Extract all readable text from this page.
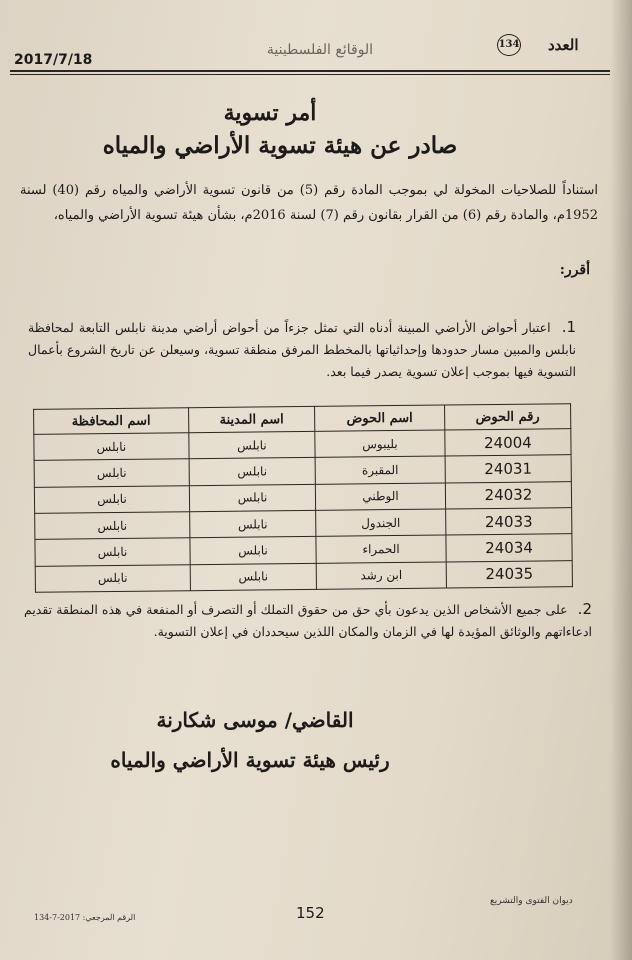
العدد
134
الوقائع الفلسطينية
2017/7/18
أمر تسوية
صادر عن هيئة تسوية الأراضي والمياه
استناداً للصلاحيات المخولة لي بموجب المادة رقم (5) من قانون تسوية الأراضي والمياه رقم (40) لسنة 1952م، والمادة رقم (6) من القرار بقانون رقم (7) لسنة 2016م، بشأن هيئة تسوية الأراضي والمياه،
أقرر:
1. اعتبار أحواض الأراضي المبينة أدناه التي تمثل جزءاً من أحواض أراضي مدينة نابلس التابعة لمحافظة نابلس والمبين مسار حدودها وإحداثياتها بالمخطط المرفق منطقة تسوية، وسيعلن عن تاريخ الشروع بأعمال التسوية فيها بموجب إعلان تسوية يصدر فيما بعد.
رقم الحوض	اسم الحوض	اسم المدينة	اسم المحافظة
24004	بليبوس	نابلس	نابلس
24031	المقبرة	نابلس	نابلس
24032	الوطني	نابلس	نابلس
24033	الجندول	نابلس	نابلس
24034	الحمراء	نابلس	نابلس
24035	ابن رشد	نابلس	نابلس
2. على جميع الأشخاص الذين يدعون بأي حق من حقوق التملك أو التصرف أو المنفعة في هذه المنطقة تقديم ادعاءاتهم والوثائق المؤيدة لها في الزمان والمكان اللذين سيحددان في إعلان التسوية.
القاضي/ موسى شكارنة
رئيس هيئة تسوية الأراضي والمياه
ديوان الفتوى والتشريع
152
الرقم المرجعي: 2017-7-134
